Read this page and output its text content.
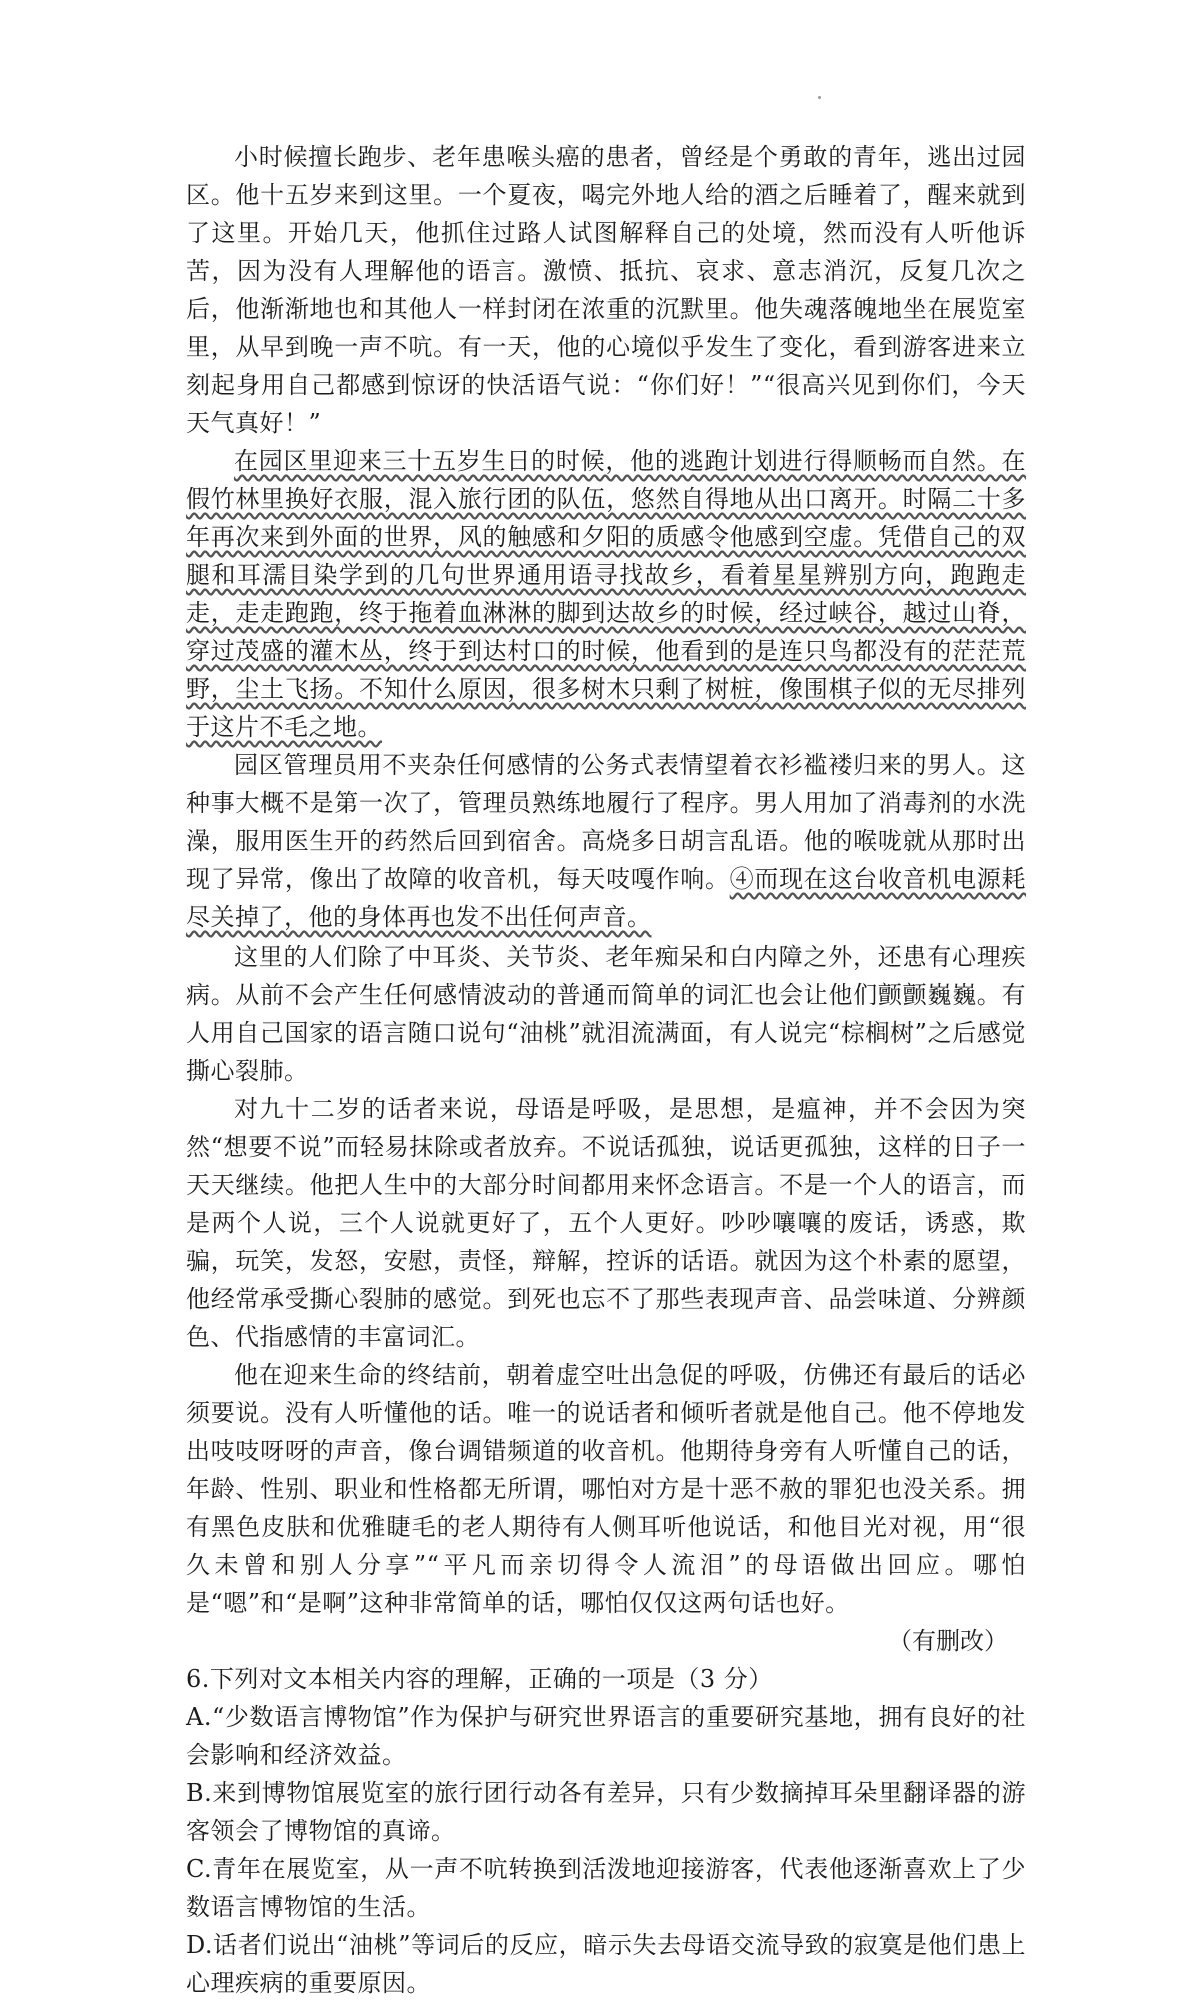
小时候擅长跑步、老年患喉头癌的患者，曾经是个勇敢的青年，逃出过园区。他十五岁来到这里。一个夏夜，喝完外地人给的酒之后睡着了，醒来就到了这里。开始几天，他抓住过路人试图解释自己的处境，然而没有人听他诉苦，因为没有人理解他的语言。激愤、抵抗、哀求、意志消沉，反复几次之后，他渐渐地也和其他人一样封闭在浓重的沉默里。他失魂落魄地坐在展览室里，从早到晚一声不吭。有一天，他的心境似乎发生了变化，看到游客进来立刻起身用自己都感到惊讶的快活语气说：“你们好！”“很高兴见到你们，今天天气真好！”

在园区里迎来三十五岁生日的时候，他的逃跑计划进行得顺畅而自然。在假竹林里换好衣服，混入旅行团的队伍，悠然自得地从出口离开。时隔二十多年再次来到外面的世界，风的触感和夕阳的质感令他感到空虚。凭借自己的双腿和耳濡目染学到的几句世界通用语寻找故乡，看着星星辨别方向，跑跑走走，走走跑跑，终于拖着血淋淋的脚到达故乡的时候，经过峡谷，越过山脊，穿过茂盛的灌木丛，终于到达村口的时候，他看到的是连只鸟都没有的茫茫荒野，尘土飞扬。不知什么原因，很多树木只剩了树桩，像围棋子似的无尽排列于这片不毛之地。

园区管理员用不夹杂任何感情的公务式表情望着衣衫褴褛归来的男人。这种事大概不是第一次了，管理员熟练地履行了程序。男人用加了消毒剂的水洗澡，服用医生开的药然后回到宿舍。高烧多日胡言乱语。他的喉咙就从那时出现了异常，像出了故障的收音机，每天吱嘎作响。④而现在这台收音机电源耗尽关掉了，他的身体再也发不出任何声音。

这里的人们除了中耳炎、关节炎、老年痴呆和白内障之外，还患有心理疾病。从前不会产生任何感情波动的普通而简单的词汇也会让他们颤颤巍巍。有人用自己国家的语言随口说句“油桃”就泪流满面，有人说完“棕榈树”之后感觉撕心裂肺。

对九十二岁的话者来说，母语是呼吸，是思想，是瘟神，并不会因为突然“想要不说”而轻易抹除或者放弃。不说话孤独，说话更孤独，这样的日子一天天继续。他把人生中的大部分时间都用来怀念语言。不是一个人的语言，而是两个人说，三个人说就更好了，五个人更好。吵吵嚷嚷的废话，诱惑，欺骗，玩笑，发怒，安慰，责怪，辩解，控诉的话语。就因为这个朴素的愿望，他经常承受撕心裂肺的感觉。到死也忘不了那些表现声音、品尝味道、分辨颜色、代指感情的丰富词汇。

他在迎来生命的终结前，朝着虚空吐出急促的呼吸，仿佛还有最后的话必须要说。没有人听懂他的话。唯一的说话者和倾听者就是他自己。他不停地发出吱吱呀呀的声音，像台调错频道的收音机。他期待身旁有人听懂自己的话，年龄、性别、职业和性格都无所谓，哪怕对方是十恶不赦的罪犯也没关系。拥有黑色皮肤和优雅睫毛的老人期待有人侧耳听他说话，和他目光对视，用“很久未曾和别人分享”“平凡而亲切得令人流泪”的母语做出回应。哪怕是“嗯”和“是啊”这种非常简单的话，哪怕仅仅这两句话也好。

（有删改）

6.下列对文本相关内容的理解，正确的一项是（3 分）
A.“少数语言博物馆”作为保护与研究世界语言的重要研究基地，拥有良好的社会影响和经济效益。
B.来到博物馆展览室的旅行团行动各有差异，只有少数摘掉耳朵里翻译器的游客领会了博物馆的真谛。
C.青年在展览室，从一声不吭转换到活泼地迎接游客，代表他逐渐喜欢上了少数语言博物馆的生活。
D.话者们说出“油桃”等词后的反应，暗示失去母语交流导致的寂寞是他们患上心理疾病的重要原因。
